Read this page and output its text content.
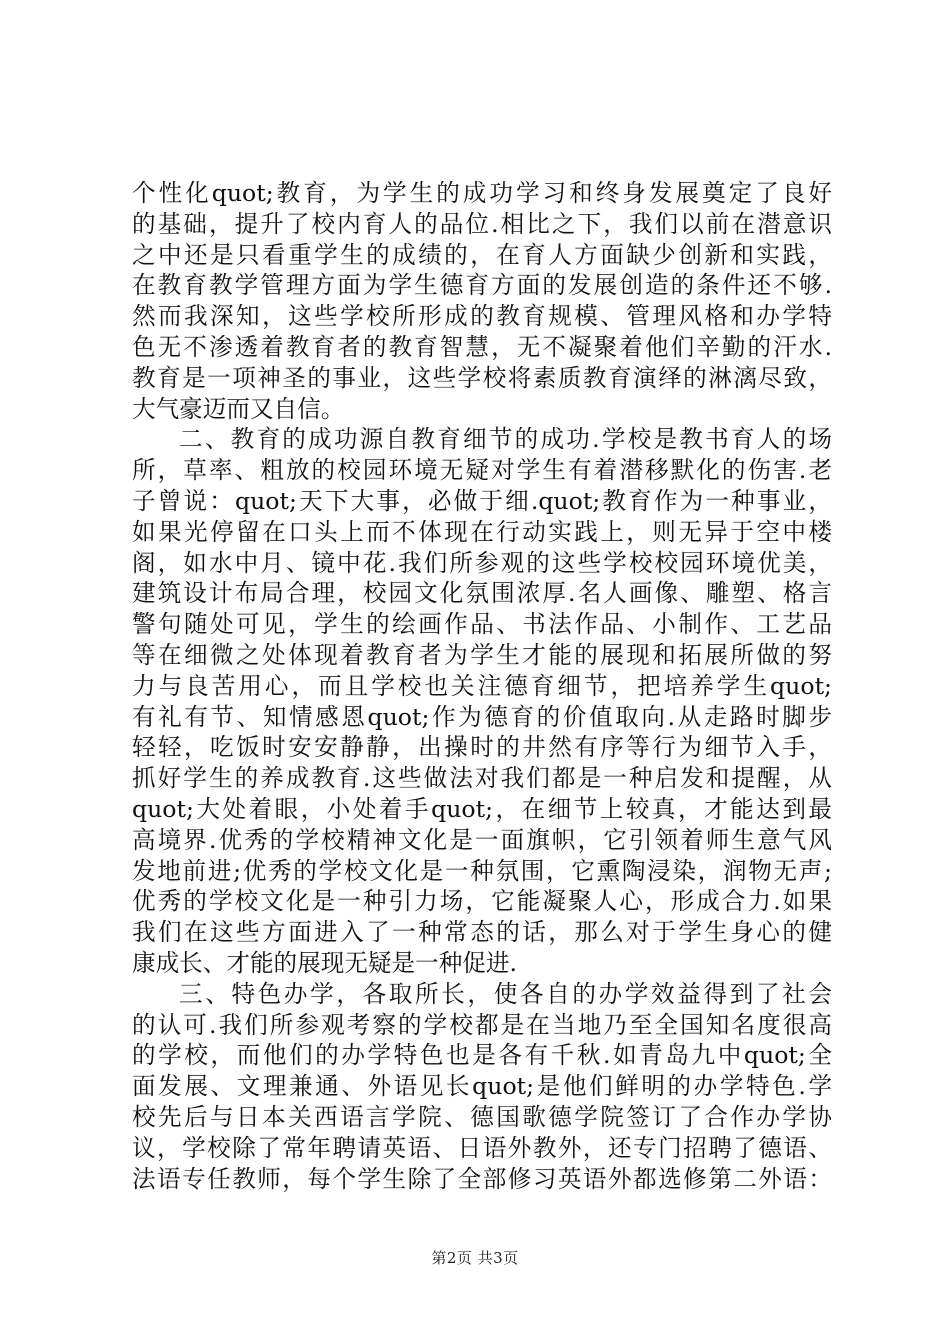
个性化quot;教育，为学生的成功学习和终身发展奠定了良好
的基础，提升了校内育人的品位.相比之下，我们以前在潜意识
之中还是只看重学生的成绩的，在育人方面缺少创新和实践，
在教育教学管理方面为学生德育方面的发展创造的条件还不够.
然而我深知，这些学校所形成的教育规模、管理风格和办学特
色无不渗透着教育者的教育智慧，无不凝聚着他们辛勤的汗水.
教育是一项神圣的事业，这些学校将素质教育演绎的淋漓尽致，
大气豪迈而又自信。
二、教育的成功源自教育细节的成功.学校是教书育人的场
所，草率、粗放的校园环境无疑对学生有着潜移默化的伤害.老
子曾说：quot;天下大事，必做于细.quot;教育作为一种事业，
如果光停留在口头上而不体现在行动实践上，则无异于空中楼
阁，如水中月、镜中花.我们所参观的这些学校校园环境优美，
建筑设计布局合理，校园文化氛围浓厚.名人画像、雕塑、格言
警句随处可见，学生的绘画作品、书法作品、小制作、工艺品
等在细微之处体现着教育者为学生才能的展现和拓展所做的努
力与良苦用心，而且学校也关注德育细节，把培养学生quot;
有礼有节、知情感恩quot;作为德育的价值取向.从走路时脚步
轻轻，吃饭时安安静静，出操时的井然有序等行为细节入手，
抓好学生的养成教育.这些做法对我们都是一种启发和提醒，从
quot;大处着眼，小处着手quot;，在细节上较真，才能达到最
高境界.优秀的学校精神文化是一面旗帜，它引领着师生意气风
发地前进;优秀的学校文化是一种氛围，它熏陶浸染，润物无声;
优秀的学校文化是一种引力场，它能凝聚人心，形成合力.如果
我们在这些方面进入了一种常态的话，那么对于学生身心的健
康成长、才能的展现无疑是一种促进.
三、特色办学，各取所长，使各自的办学效益得到了社会
的认可.我们所参观考察的学校都是在当地乃至全国知名度很高
的学校，而他们的办学特色也是各有千秋.如青岛九中quot;全
面发展、文理兼通、外语见长quot;是他们鲜明的办学特色.学
校先后与日本关西语言学院、德国歌德学院签订了合作办学协
议，学校除了常年聘请英语、日语外教外，还专门招聘了德语、
法语专任教师，每个学生除了全部修习英语外都选修第二外语：
第2页 共3页
